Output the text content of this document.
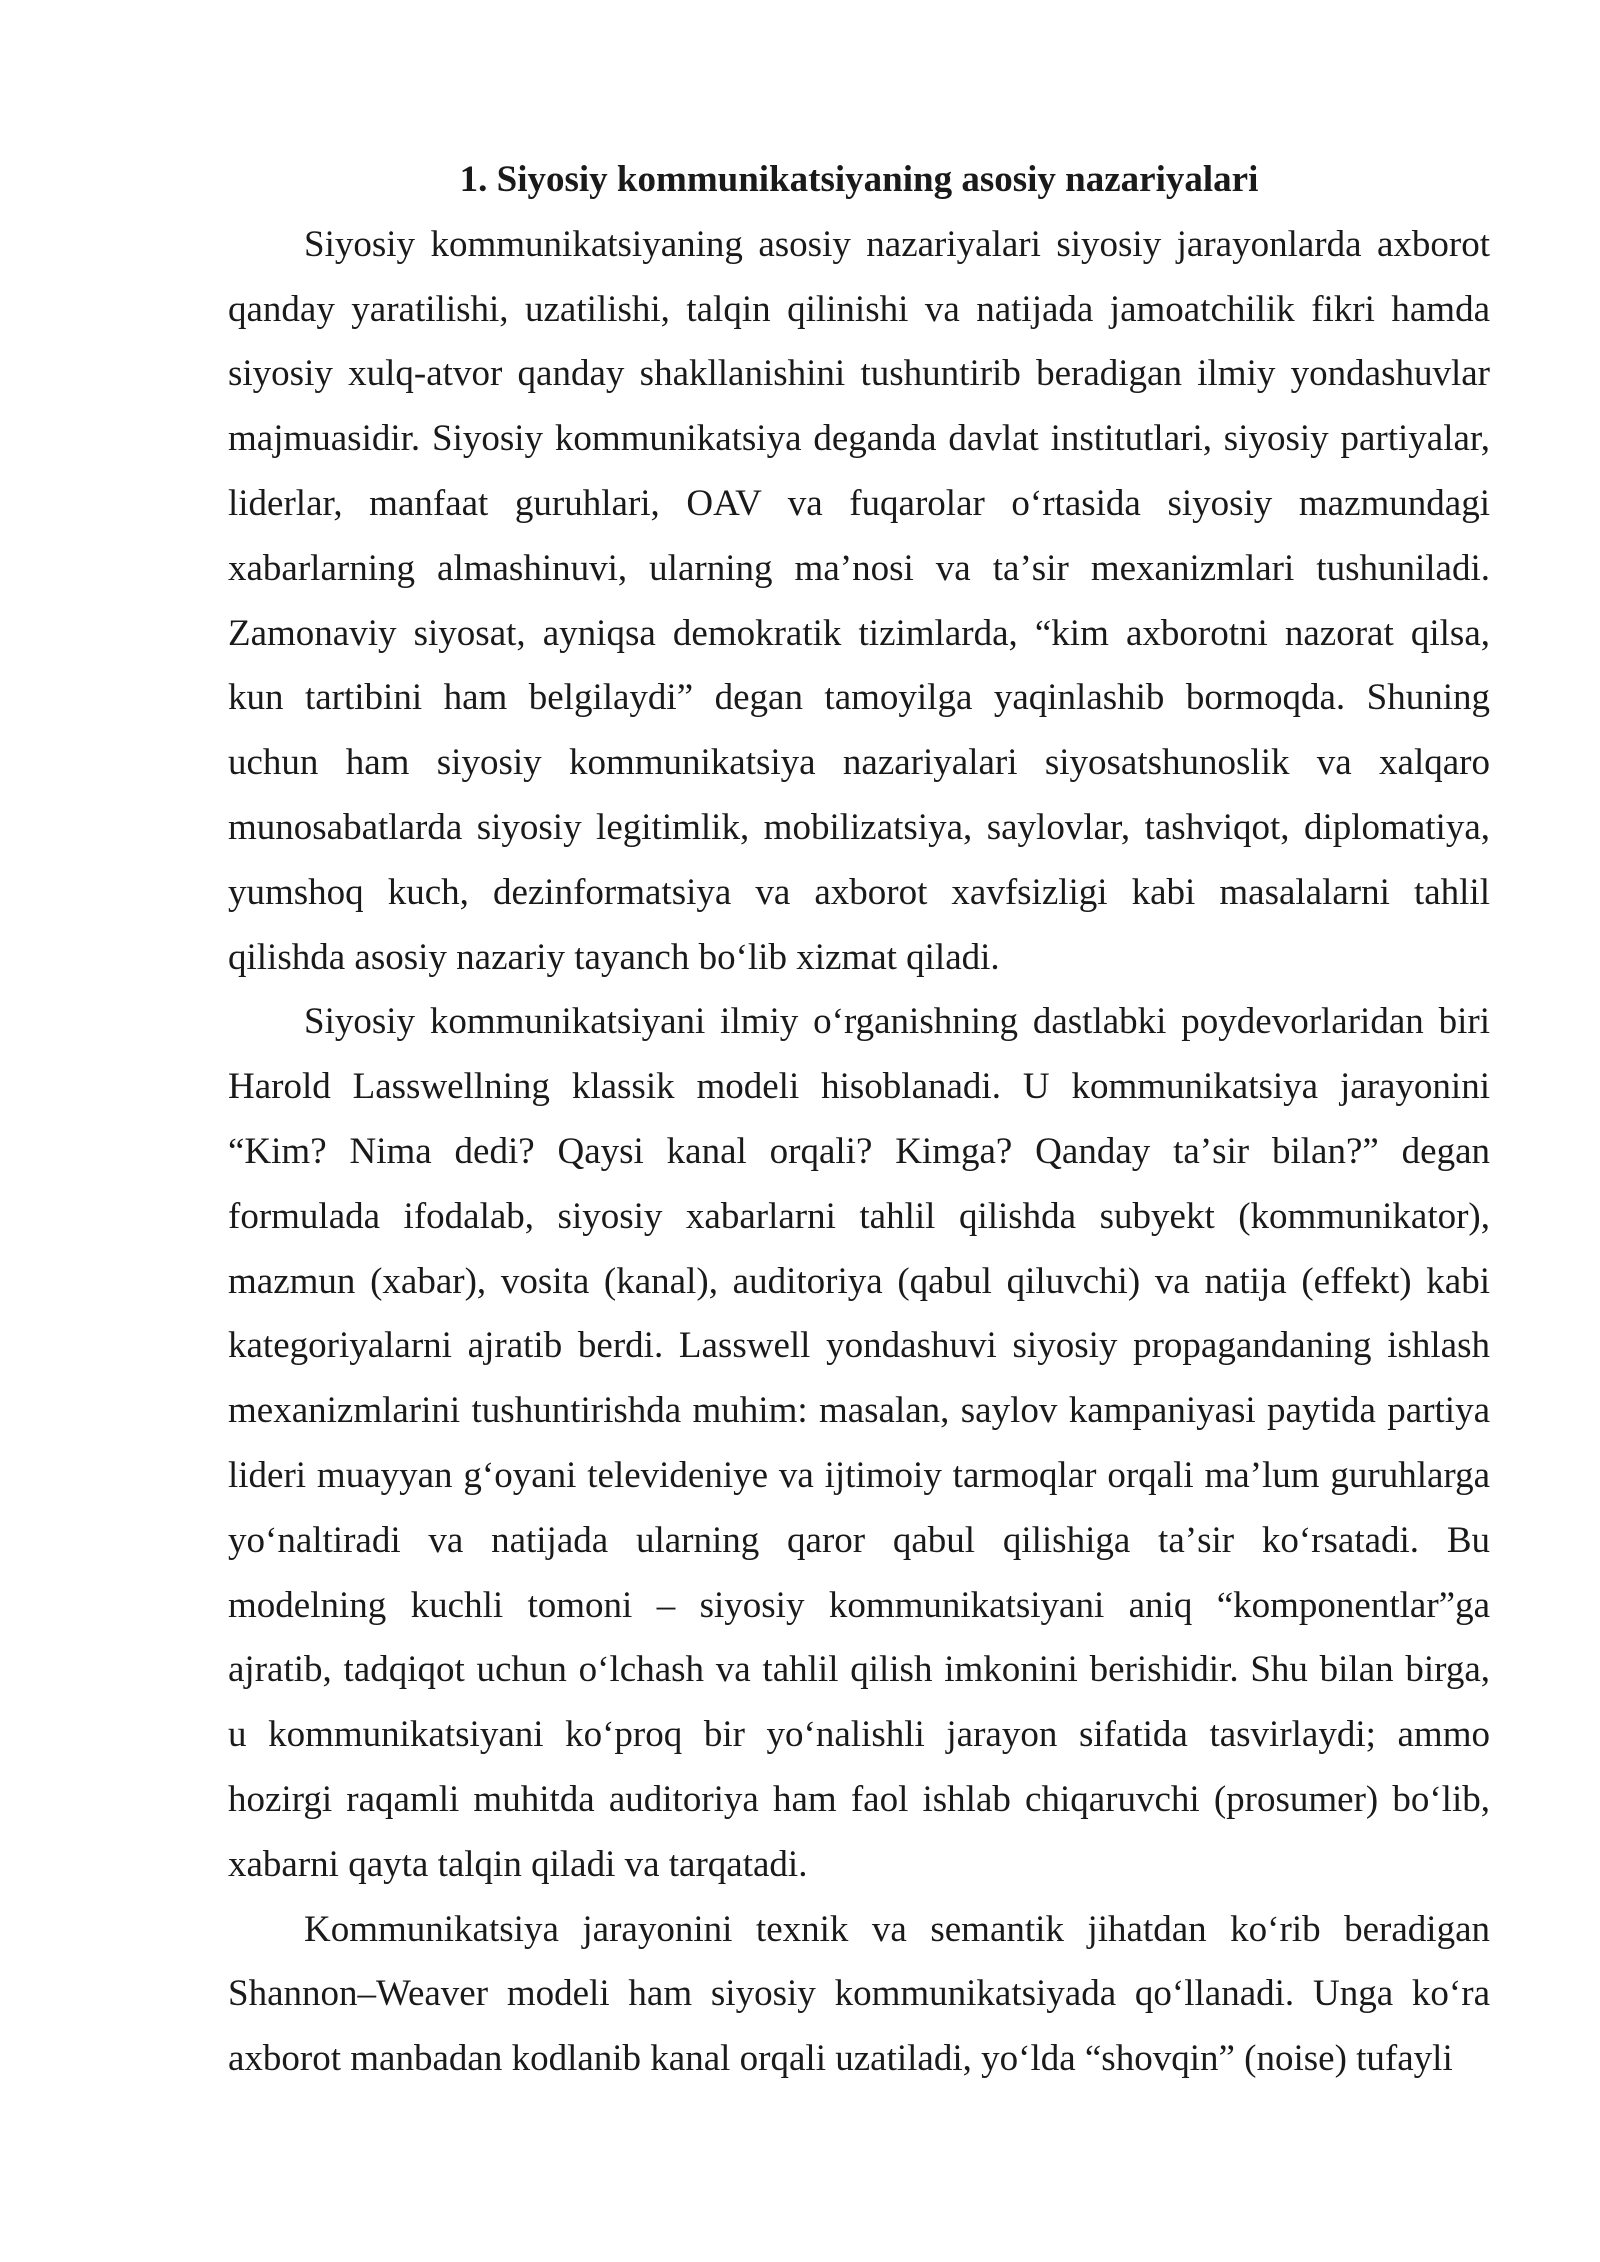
1. Siyosiy kommunikatsiyaning asosiy nazariyalari

Siyosiy kommunikatsiyaning asosiy nazariyalari siyosiy jarayonlarda axborot qanday yaratilishi, uzatilishi, talqin qilinishi va natijada jamoatchilik fikri hamda siyosiy xulq-atvor qanday shakllanishini tushuntirib beradigan ilmiy yondashuvlar majmuasidir. Siyosiy kommunikatsiya deganda davlat institutlari, siyosiy partiyalar, liderlar, manfaat guruhlari, OAV va fuqarolar oʻrtasida siyosiy mazmundagi xabarlarning almashinuvi, ularning maʼnosi va taʼsir mexanizmlari tushuniladi. Zamonaviy siyosat, ayniqsa demokratik tizimlarda, “kim axborotni nazorat qilsa, kun tartibini ham belgilaydi” degan tamoyilga yaqinlashib bormoqda. Shuning uchun ham siyosiy kommunikatsiya nazariyalari siyosatshunoslik va xalqaro munosabatlarda siyosiy legitimlik, mobilizatsiya, saylovlar, tashviqot, diplomatiya, yumshoq kuch, dezinformatsiya va axborot xavfsizligi kabi masalalarni tahlil qilishda asosiy nazariy tayanch boʻlib xizmat qiladi.

Siyosiy kommunikatsiyani ilmiy oʻrganishning dastlabki poydevorlaridan biri Harold Lasswellning klassik modeli hisoblanadi. U kommunikatsiya jarayonini “Kim? Nima dedi? Qaysi kanal orqali? Kimga? Qanday taʼsir bilan?” degan formulada ifodalab, siyosiy xabarlarni tahlil qilishda subyekt (kommunikator), mazmun (xabar), vosita (kanal), auditoriya (qabul qiluvchi) va natija (effekt) kabi kategoriyalarni ajratib berdi. Lasswell yondashuvi siyosiy propagandaning ishlash mexanizmlarini tushuntirishda muhim: masalan, saylov kampaniyasi paytida partiya lideri muayyan gʻoyani televideniye va ijtimoiy tarmoqlar orqali maʼlum guruhlarga yoʻnaltiradi va natijada ularning qaror qabul qilishiga taʼsir koʻrsatadi. Bu modelning kuchli tomoni – siyosiy kommunikatsiyani aniq “komponentlar”ga ajratib, tadqiqot uchun oʻlchash va tahlil qilish imkonini berishidir. Shu bilan birga, u kommunikatsiyani koʻproq bir yoʻnalishli jarayon sifatida tasvirlaydi; ammo hozirgi raqamli muhitda auditoriya ham faol ishlab chiqaruvchi (prosumer) boʻlib, xabarni qayta talqin qiladi va tarqatadi.

Kommunikatsiya jarayonini texnik va semantik jihatdan koʻrib beradigan Shannon–Weaver modeli ham siyosiy kommunikatsiyada qoʻllanadi. Unga koʻra axborot manbadan kodlanib kanal orqali uzatiladi, yoʻlda “shovqin” (noise) tufayli
